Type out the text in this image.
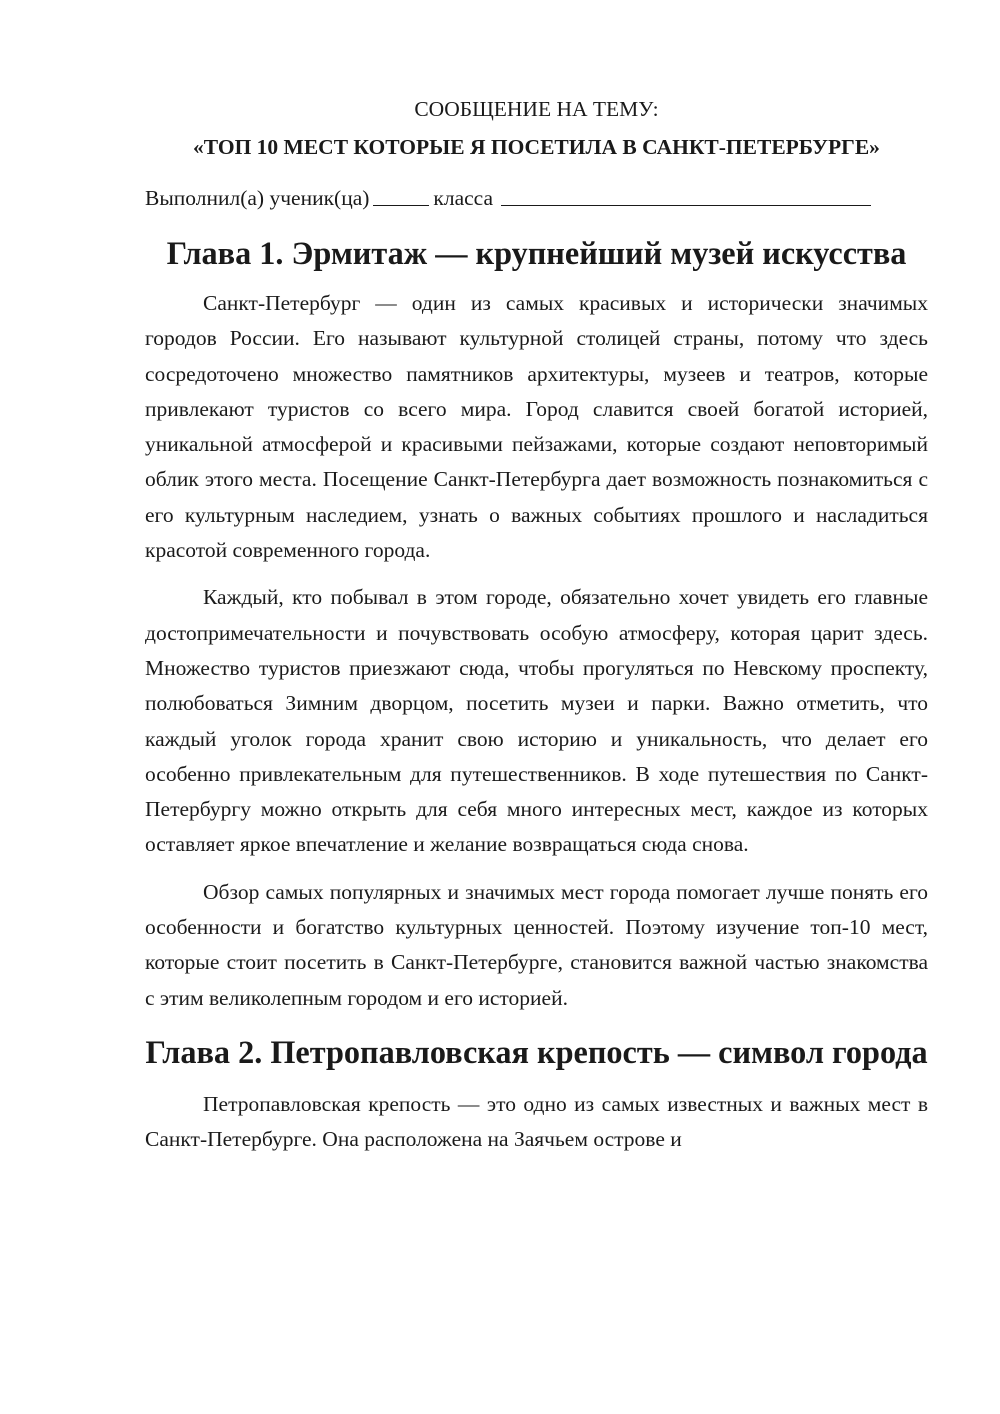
СООБЩЕНИЕ НА ТЕМУ:

«ТОП 10 МЕСТ КОТОРЫЕ Я ПОСЕТИЛА В САНКТ-ПЕТЕРБУРГЕ»

Выполнил(а) ученик(ца)	класса

Глава 1. Эрмитаж — крупнейший музей искусства

Санкт-Петербург — один из самых красивых и исторически значимых городов России. Его называют культурной столицей страны, потому что здесь сосредоточено множество памятников архитектуры, музеев и театров, которые привлекают туристов со всего мира. Город славится своей богатой историей, уникальной атмосферой и красивыми пейзажами, которые создают неповторимый облик этого места. Посещение Санкт-Петербурга дает возможность познакомиться с его культурным наследием, узнать о важных событиях прошлого и насладиться красотой современного города.

Каждый, кто побывал в этом городе, обязательно хочет увидеть его главные достопримечательности и почувствовать особую атмосферу, которая царит здесь. Множество туристов приезжают сюда, чтобы прогуляться по Невскому проспекту, полюбоваться Зимним дворцом, посетить музеи и парки. Важно отметить, что каждый уголок города хранит свою историю и уникальность, что делает его особенно привлекательным для путешественников. В ходе путешествия по Санкт-Петербургу можно открыть для себя много интересных мест, каждое из которых оставляет яркое впечатление и желание возвращаться сюда снова.

Обзор самых популярных и значимых мест города помогает лучше понять его особенности и богатство культурных ценностей. Поэтому изучение топ-10 мест, которые стоит посетить в Санкт-Петербурге, становится важной частью знакомства с этим великолепным городом и его историей.

Глава 2. Петропавловская крепость — символ города

Петропавловская крепость — это одно из самых известных и важных мест в Санкт-Петербурге. Она расположена на Заячьем острове и
